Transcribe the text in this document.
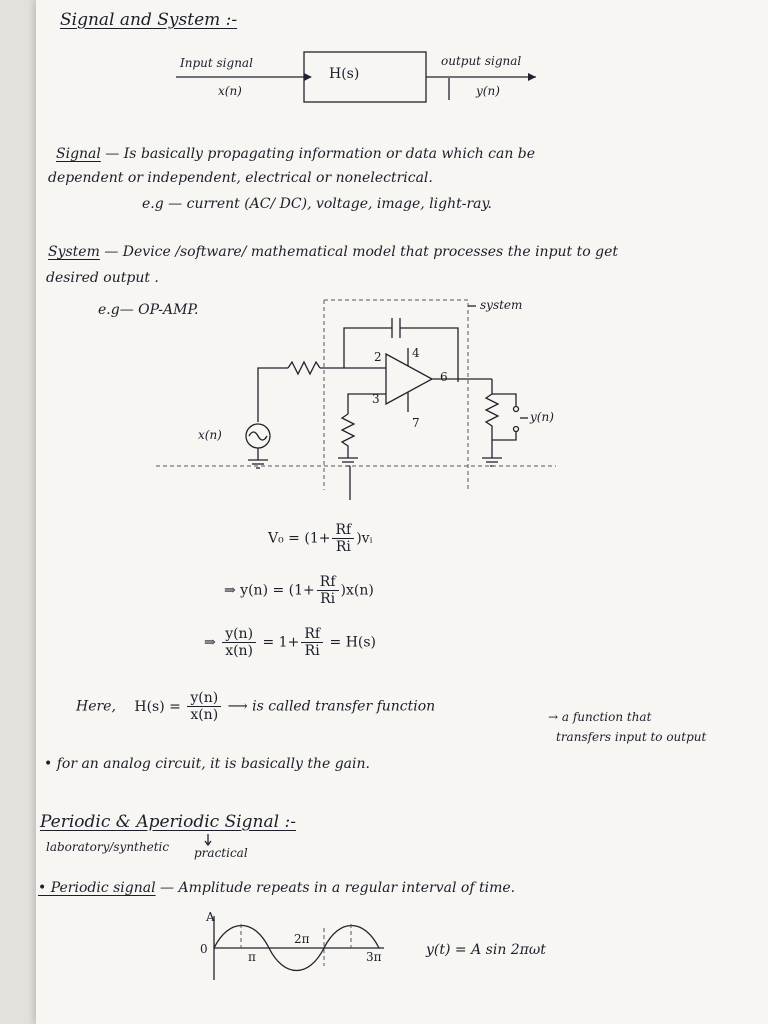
Signal and System :-
Input signal
x(n)
H(s)
output signal
y(n)
Signal — Is basically propagating information or data which can be
dependent or independent, electrical or nonelectrical.
e.g — current (AC/ DC), voltage, image, light-ray.
System — Device /software/ mathematical model that processes the input to get
desired output .
e.g— OP-AMP.
x(n)
y(n)
system
2
3
4
6
7
$V_0 = (1+ \frac{Rf}{Ri}$ )vᵢ
⇒ $y(n) = (1+ \frac{Rf}{Ri} )x(n)$
⇒ $\frac{y(n)}{x(n)} = 1+ \frac{Rf}{Ri} = H(s)$
Here, $H(s) = \frac{y(n)}{x(n)}$ ⟶ is called transfer function
→ a function that
transfers input to output
• for an analog circuit, it is basically the gain.
Periodic & Aperiodic Signal :-
laboratory/synthetic practical
• Periodic signal — Amplitude repeats in a regular interval of time.
A
0
π
2π
3π	y(t) = A sin 2πωt
